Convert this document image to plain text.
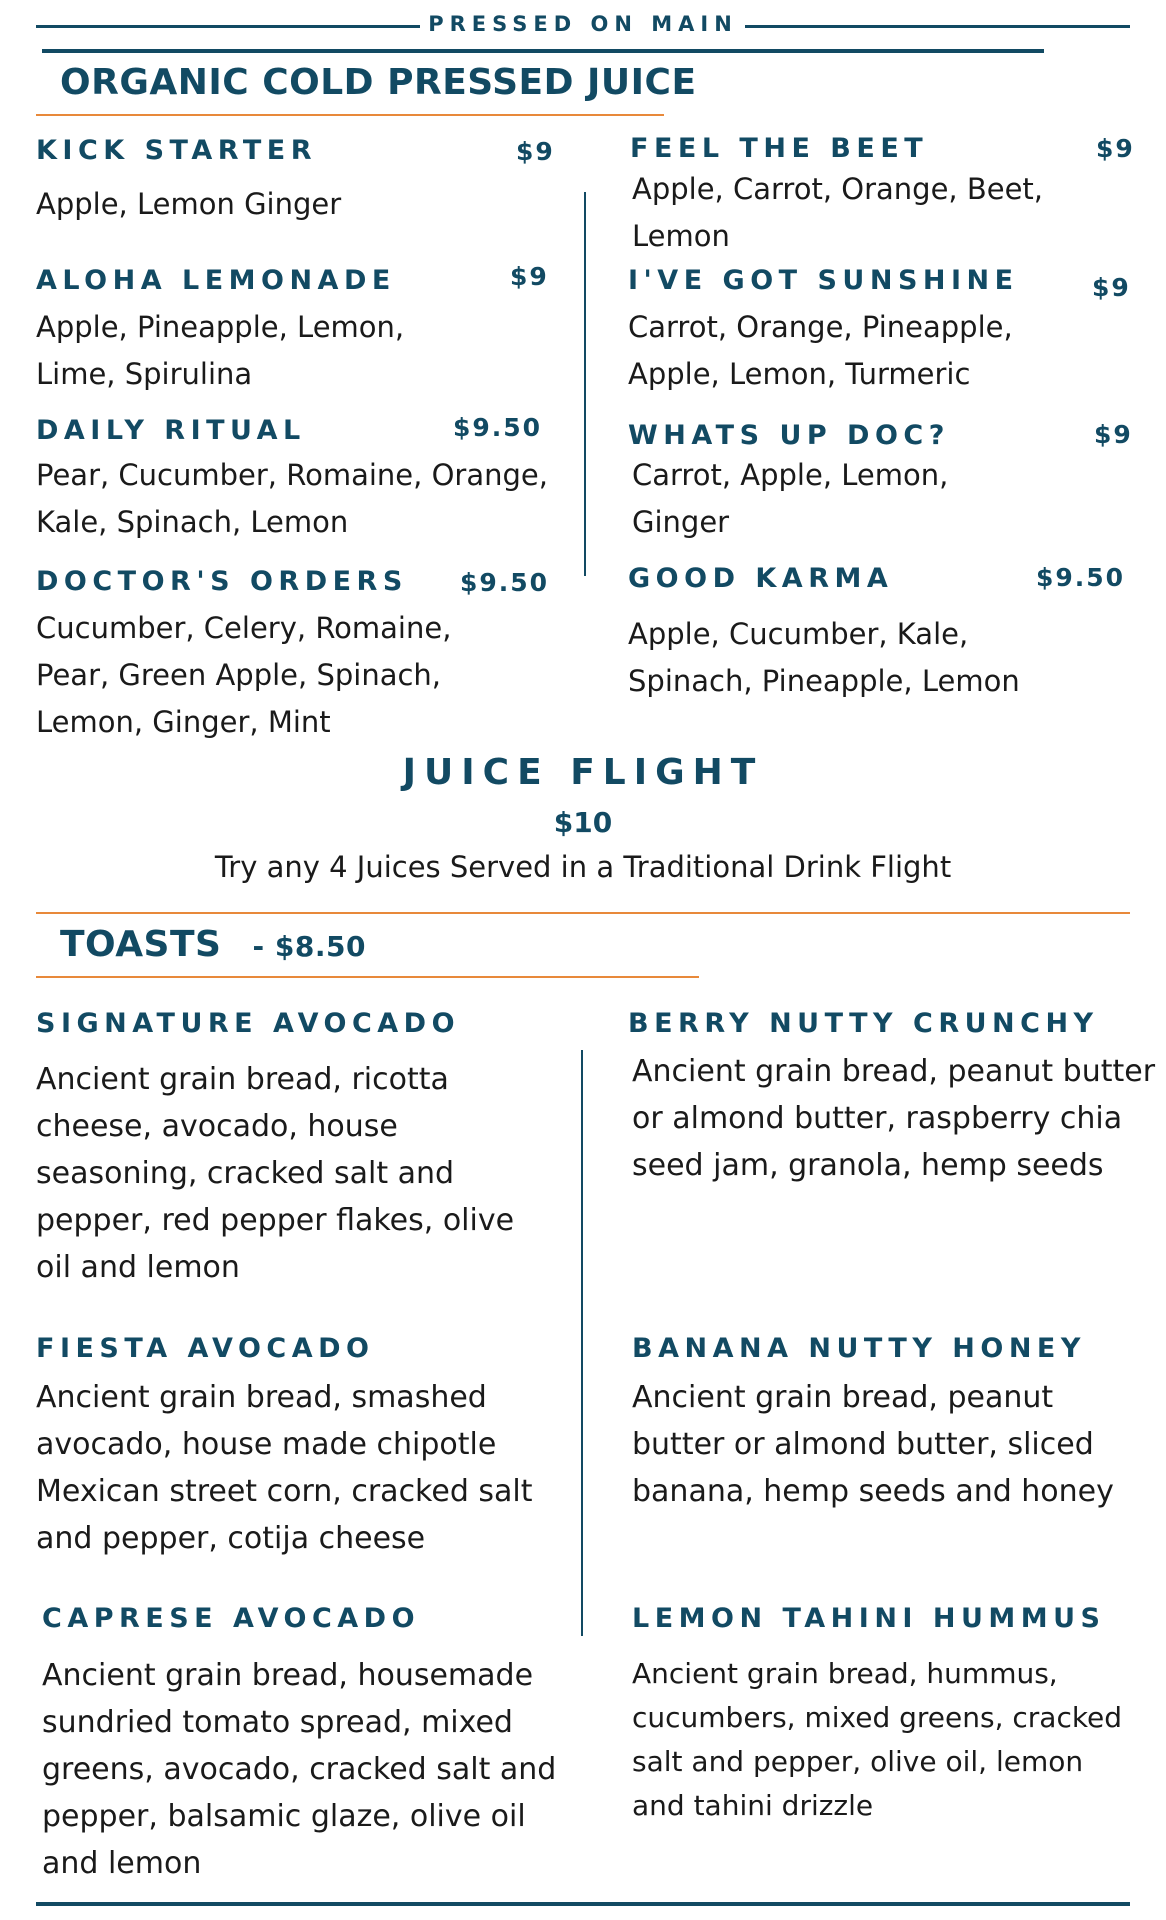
PRESSED ON MAIN
ORGANIC COLD PRESSED JUICE
KICK STARTER	$9
Apple, Lemon Ginger
ALOHA LEMONADE	$9
Apple, Pineapple, Lemon, Lime, Spirulina
DAILY RITUAL	$9.50
Pear, Cucumber, Romaine, Orange, Kale, Spinach, Lemon
DOCTOR'S ORDERS $9.50
Cucumber, Celery, Romaine, Pear, Green Apple, Spinach, Lemon, Ginger, Mint
FEEL THE BEET	$9
Apple, Carrot, Orange, Beet, Lemon
I'VE GOT SUNSHINE	$9
Carrot, Orange, Pineapple, Apple, Lemon, Turmeric
WHATS UP DOC?	$9
Carrot, Apple, Lemon, Ginger
GOOD KARMA	$9.50
Apple, Cucumber, Kale, Spinach, Pineapple, Lemon
JUICE FLIGHT
$10
Try any 4 Juices Served in a Traditional Drink Flight
TOASTS - $8.50
SIGNATURE AVOCADO
Ancient grain bread, ricotta cheese, avocado, house seasoning, cracked salt and pepper, red pepper flakes, olive oil and lemon
FIESTA AVOCADO
Ancient grain bread, smashed avocado, house made chipotle Mexican street corn, cracked salt and pepper, cotija cheese
CAPRESE AVOCADO
Ancient grain bread, housemade sundried tomato spread, mixed greens, avocado, cracked salt and pepper, balsamic glaze, olive oil and lemon
BERRY NUTTY CRUNCHY
Ancient grain bread, peanut butter or almond butter, raspberry chia seed jam, granola, hemp seeds
BANANA NUTTY HONEY
Ancient grain bread, peanut butter or almond butter, sliced banana, hemp seeds and honey
LEMON TAHINI HUMMUS
Ancient grain bread, hummus, cucumbers, mixed greens, cracked salt and pepper, olive oil, lemon and tahini drizzle
